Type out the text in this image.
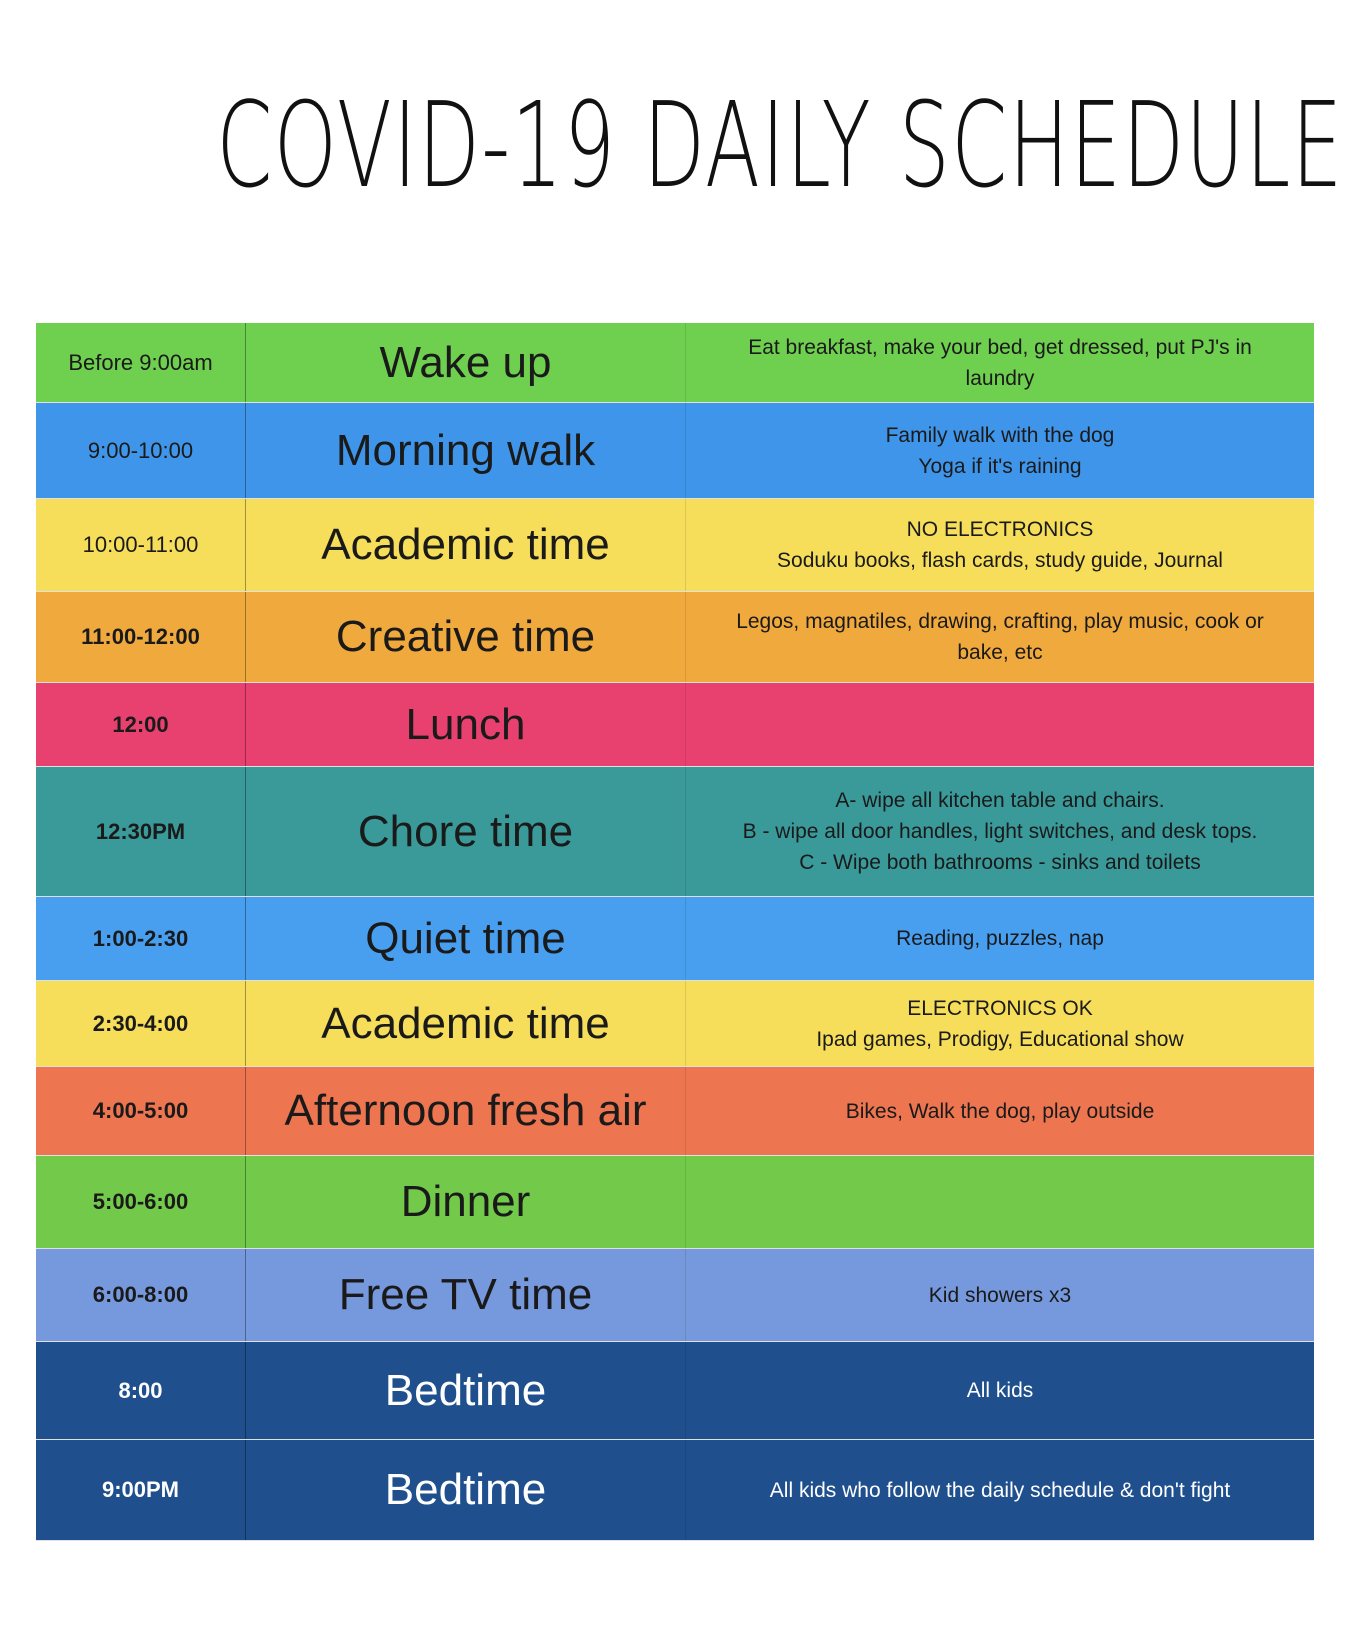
COVID-19 DAILY SCHEDULE
Before 9:00am	Wake up	Eat breakfast, make your bed, get dressed, put PJ's in
laundry
9:00-10:00	Morning walk	Family walk with the dog
Yoga if it's raining
10:00-11:00	Academic time	NO ELECTRONICS
Soduku books, flash cards, study guide, Journal
11:00-12:00	Creative time	Legos, magnatiles, drawing, crafting, play music, cook or
bake, etc
12:00	Lunch
12:30PM	Chore time
A- wipe all kitchen table and chairs.
B - wipe all door handles, light switches, and desk tops.
C - Wipe both bathrooms - sinks and toilets
1:00-2:30	Quiet time	Reading, puzzles, nap
2:30-4:00	Academic time	ELECTRONICS OK
Ipad games, Prodigy, Educational show
4:00-5:00	Afternoon fresh air	Bikes, Walk the dog, play outside
5:00-6:00	Dinner
6:00-8:00	Free TV time	Kid showers x3
8:00	Bedtime	All kids
9:00PM	Bedtime	All kids who follow the daily schedule & don't fight
